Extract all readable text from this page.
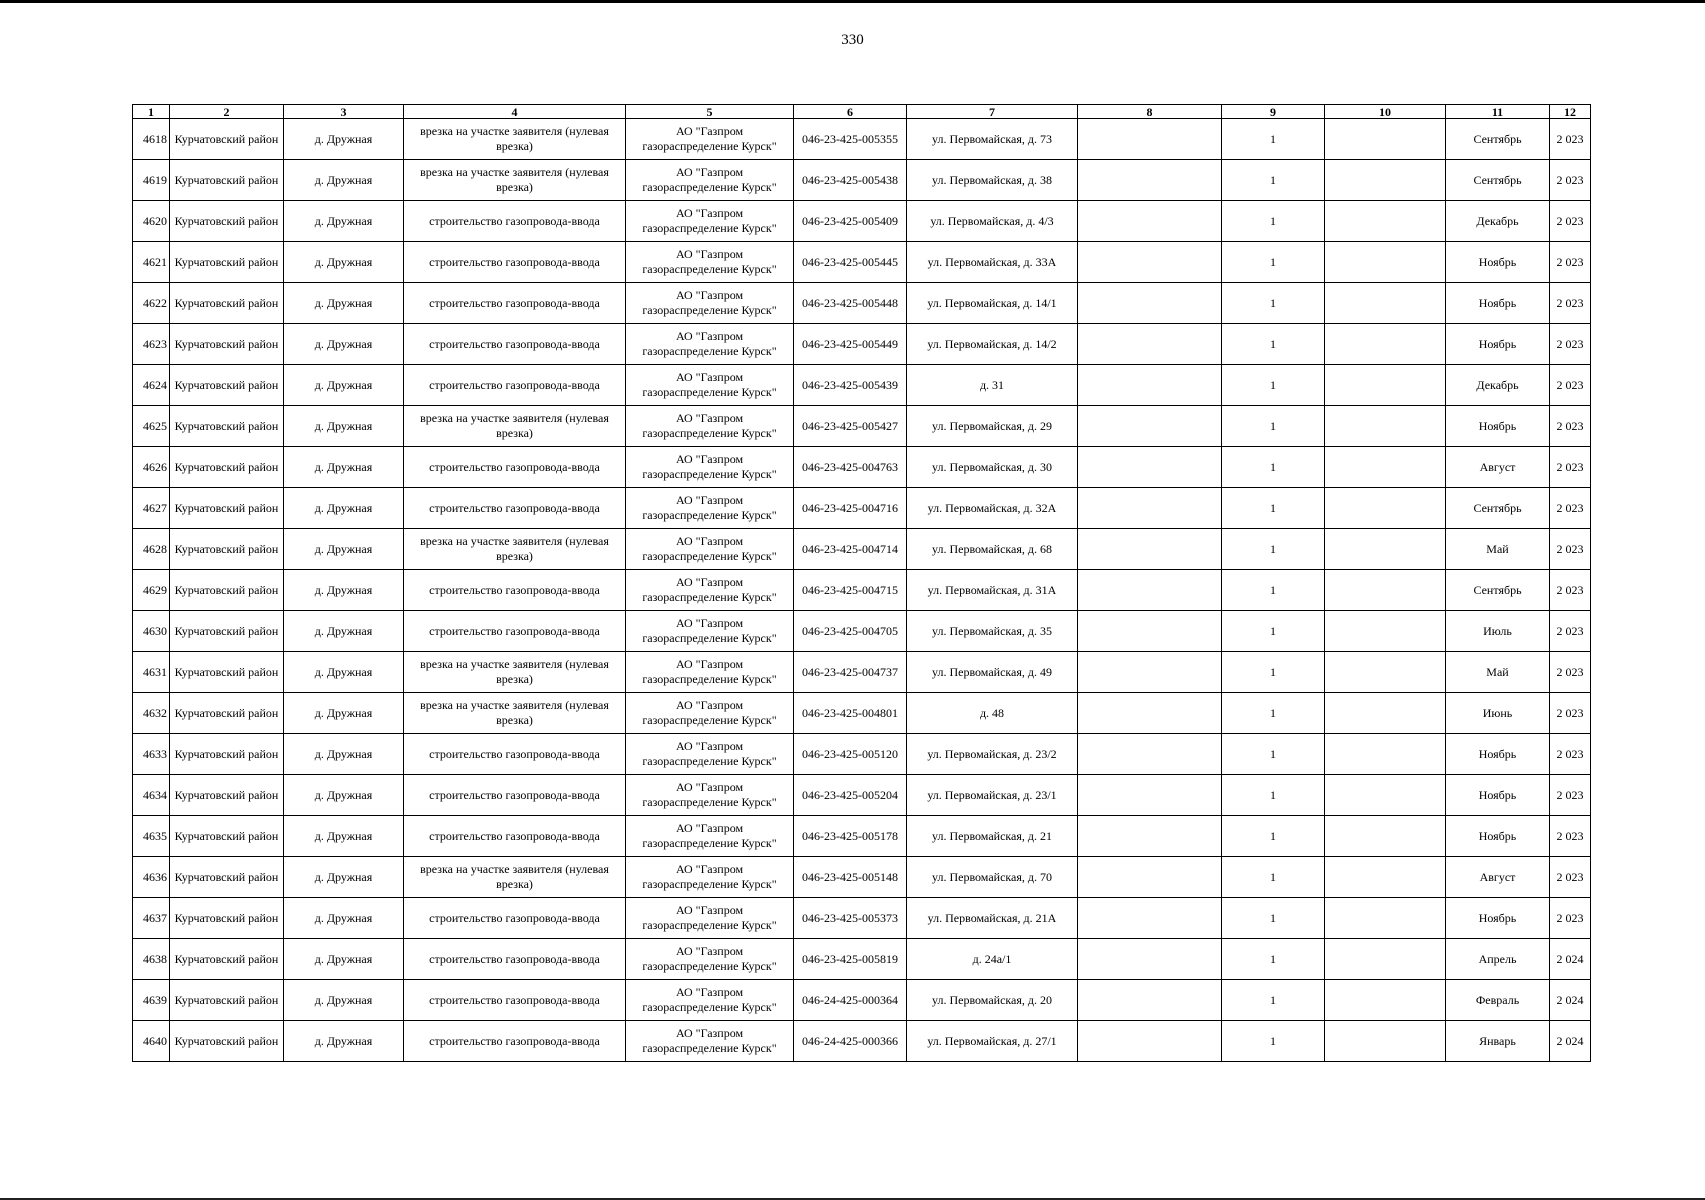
330
1	2	3	4	5	6	7	8	9	10	11	12
4618	Курчатовский район	д. Дружная	врезка на участке заявителя (нулевая врезка)	АО "Газпром газораспределение Курск"	046-23-425-005355	ул. Первомайская, д. 73		1		Сентябрь	2 023
4619	Курчатовский район	д. Дружная	врезка на участке заявителя (нулевая врезка)	АО "Газпром газораспределение Курск"	046-23-425-005438	ул. Первомайская, д. 38		1		Сентябрь	2 023
4620	Курчатовский район	д. Дружная	строительство газопровода-ввода	АО "Газпром газораспределение Курск"	046-23-425-005409	ул. Первомайская, д. 4/3		1		Декабрь	2 023
4621	Курчатовский район	д. Дружная	строительство газопровода-ввода	АО "Газпром газораспределение Курск"	046-23-425-005445	ул. Первомайская, д. 33А		1		Ноябрь	2 023
4622	Курчатовский район	д. Дружная	строительство газопровода-ввода	АО "Газпром газораспределение Курск"	046-23-425-005448	ул. Первомайская, д. 14/1		1		Ноябрь	2 023
4623	Курчатовский район	д. Дружная	строительство газопровода-ввода	АО "Газпром газораспределение Курск"	046-23-425-005449	ул. Первомайская, д. 14/2		1		Ноябрь	2 023
4624	Курчатовский район	д. Дружная	строительство газопровода-ввода	АО "Газпром газораспределение Курск"	046-23-425-005439	д. 31		1		Декабрь	2 023
4625	Курчатовский район	д. Дружная	врезка на участке заявителя (нулевая врезка)	АО "Газпром газораспределение Курск"	046-23-425-005427	ул. Первомайская, д. 29		1		Ноябрь	2 023
4626	Курчатовский район	д. Дружная	строительство газопровода-ввода	АО "Газпром газораспределение Курск"	046-23-425-004763	ул. Первомайская, д. 30		1		Август	2 023
4627	Курчатовский район	д. Дружная	строительство газопровода-ввода	АО "Газпром газораспределение Курск"	046-23-425-004716	ул. Первомайская, д. 32А		1		Сентябрь	2 023
4628	Курчатовский район	д. Дружная	врезка на участке заявителя (нулевая врезка)	АО "Газпром газораспределение Курск"	046-23-425-004714	ул. Первомайская, д. 68		1		Май	2 023
4629	Курчатовский район	д. Дружная	строительство газопровода-ввода	АО "Газпром газораспределение Курск"	046-23-425-004715	ул. Первомайская, д. 31А		1		Сентябрь	2 023
4630	Курчатовский район	д. Дружная	строительство газопровода-ввода	АО "Газпром газораспределение Курск"	046-23-425-004705	ул. Первомайская, д. 35		1		Июль	2 023
4631	Курчатовский район	д. Дружная	врезка на участке заявителя (нулевая врезка)	АО "Газпром газораспределение Курск"	046-23-425-004737	ул. Первомайская, д. 49		1		Май	2 023
4632	Курчатовский район	д. Дружная	врезка на участке заявителя (нулевая врезка)	АО "Газпром газораспределение Курск"	046-23-425-004801	д. 48		1		Июнь	2 023
4633	Курчатовский район	д. Дружная	строительство газопровода-ввода	АО "Газпром газораспределение Курск"	046-23-425-005120	ул. Первомайская, д. 23/2		1		Ноябрь	2 023
4634	Курчатовский район	д. Дружная	строительство газопровода-ввода	АО "Газпром газораспределение Курск"	046-23-425-005204	ул. Первомайская, д. 23/1		1		Ноябрь	2 023
4635	Курчатовский район	д. Дружная	строительство газопровода-ввода	АО "Газпром газораспределение Курск"	046-23-425-005178	ул. Первомайская, д. 21		1		Ноябрь	2 023
4636	Курчатовский район	д. Дружная	врезка на участке заявителя (нулевая врезка)	АО "Газпром газораспределение Курск"	046-23-425-005148	ул. Первомайская, д. 70		1		Август	2 023
4637	Курчатовский район	д. Дружная	строительство газопровода-ввода	АО "Газпром газораспределение Курск"	046-23-425-005373	ул. Первомайская, д. 21А		1		Ноябрь	2 023
4638	Курчатовский район	д. Дружная	строительство газопровода-ввода	АО "Газпром газораспределение Курск"	046-23-425-005819	д. 24а/1		1		Апрель	2 024
4639	Курчатовский район	д. Дружная	строительство газопровода-ввода	АО "Газпром газораспределение Курск"	046-24-425-000364	ул. Первомайская, д. 20		1		Февраль	2 024
4640	Курчатовский район	д. Дружная	строительство газопровода-ввода	АО "Газпром газораспределение Курск"	046-24-425-000366	ул. Первомайская, д. 27/1		1		Январь	2 024
